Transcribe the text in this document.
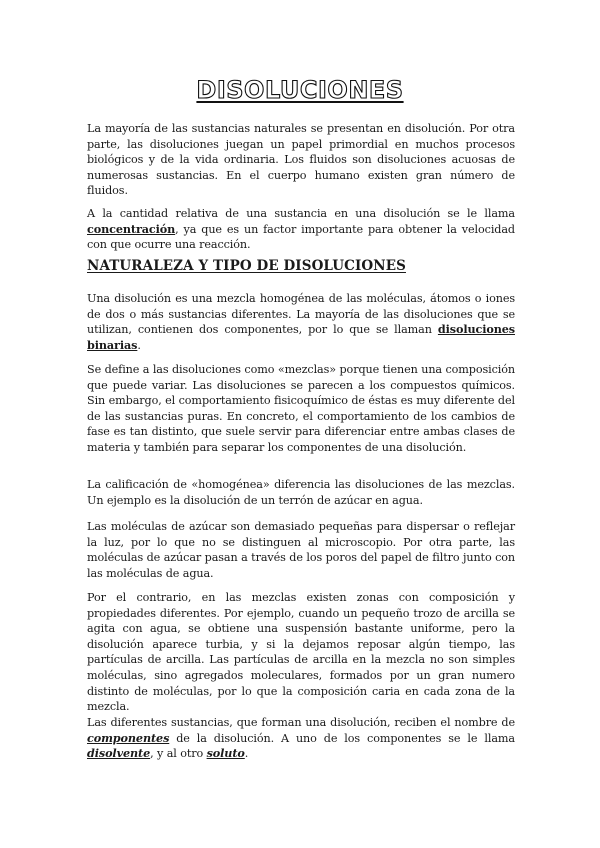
DISOLUCIONES
La mayoría de las sustancias naturales se presentan en disolución. Por otra parte, las disoluciones juegan un papel primordial en muchos procesos biológicos y de la vida ordinaria. Los fluidos son disoluciones acuosas de numerosas sustancias. En el cuerpo humano existen gran número de fluidos.
A la cantidad relativa de una sustancia en una disolución se le llama concentración, ya que es un factor importante para obtener la velocidad con que ocurre una reacción.
NATURALEZA Y TIPO DE DISOLUCIONES
Una disolución es una mezcla homogénea de las moléculas, átomos o iones de dos o más sustancias diferentes. La mayoría de las disoluciones que se utilizan, contienen dos componentes, por lo que se llaman disoluciones binarias.
Se define a las disoluciones como «mezclas» porque tienen una composición que puede variar. Las disoluciones se parecen a los compuestos químicos. Sin embargo, el comportamiento fisicoquímico de éstas es muy diferente del de las sustancias puras. En concreto, el comportamiento de los cambios de fase es tan distinto, que suele servir para diferenciar entre ambas clases de materia y también para separar los componentes de una disolución.
La calificación de «homogénea» diferencia las disoluciones de las mezclas. Un ejemplo es la disolución de un terrón de azúcar en agua.
Las moléculas de azúcar son demasiado pequeñas para dispersar o reflejar la luz, por lo que no se distinguen al microscopio. Por otra parte, las moléculas de azúcar pasan a través de los poros del papel de filtro junto con las moléculas de agua.
Por el contrario, en las mezclas existen zonas con composición y propiedades diferentes. Por ejemplo, cuando un pequeño trozo de arcilla se agita con agua, se obtiene una suspensión bastante uniforme, pero la disolución aparece turbia, y si la dejamos reposar algún tiempo, las partículas de arcilla. Las partículas de arcilla en la mezcla no son simples moléculas, sino agregados moleculares, formados por un gran numero distinto de moléculas, por lo que la composición caria en cada zona de la mezcla.
Las diferentes sustancias, que forman una disolución, reciben el nombre de componentes de la disolución. A uno de los componentes se le llama disolvente, y al otro soluto.
